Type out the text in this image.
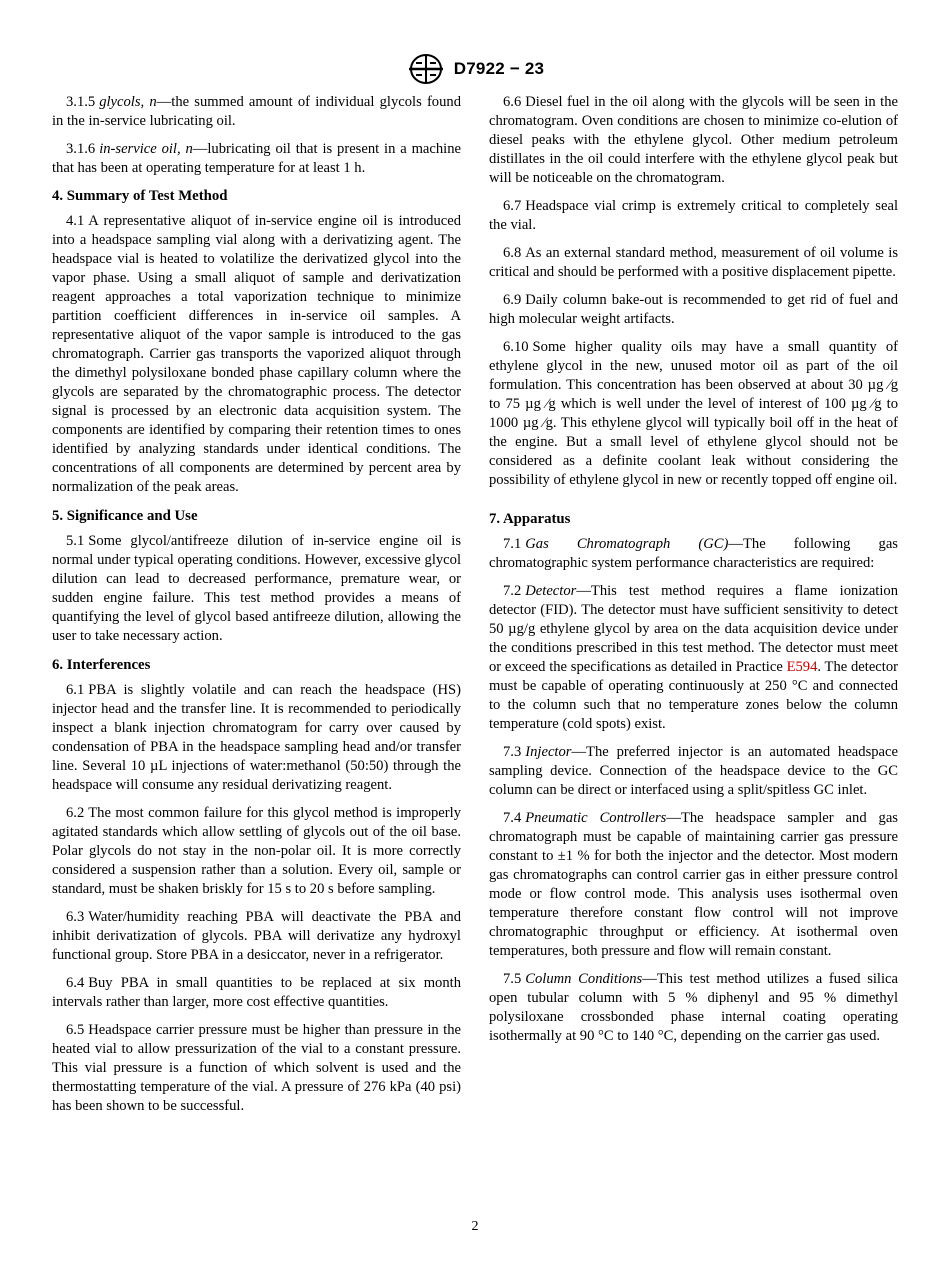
D7922 − 23

3.1.5 glycols, n—the summed amount of individual glycols found in the in-service lubricating oil.

3.1.6 in-service oil, n—lubricating oil that is present in a machine that has been at operating temperature for at least 1 h.

4. Summary of Test Method

4.1 A representative aliquot of in-service engine oil is introduced into a headspace sampling vial along with a derivatizing agent. The headspace vial is heated to volatilize the derivatized glycol into the vapor phase. Using a small aliquot of sample and derivatization reagent approaches a total vaporization technique to minimize partition coefficient differences in in-service oil samples. A representative aliquot of the vapor sample is introduced to the gas chromatograph. Carrier gas transports the vaporized aliquot through the dimethyl polysiloxane bonded phase capillary column where the glycols are separated by the chromatographic process. The detector signal is processed by an electronic data acquisition system. The components are identified by comparing their retention times to ones identified by analyzing standards under identical conditions. The concentrations of all components are determined by percent area by normalization of the peak areas.

5. Significance and Use

5.1 Some glycol/antifreeze dilution of in-service engine oil is normal under typical operating conditions. However, excessive glycol dilution can lead to decreased performance, premature wear, or sudden engine failure. This test method provides a means of quantifying the level of glycol based antifreeze dilution, allowing the user to take necessary action.

6. Interferences

6.1 PBA is slightly volatile and can reach the headspace (HS) injector head and the transfer line. It is recommended to periodically inspect a blank injection chromatogram for carry over caused by condensation of PBA in the headspace sampling head and/or transfer line. Several 10 µL injections of water:methanol (50:50) through the headspace will consume any residual derivatizing reagent.

6.2 The most common failure for this glycol method is improperly agitated standards which allow settling of glycols out of the oil base. Polar glycols do not stay in the non-polar oil. It is more correctly considered a suspension rather than a solution. Every oil, sample or standard, must be shaken briskly for 15 s to 20 s before sampling.

6.3 Water/humidity reaching PBA will deactivate the PBA and inhibit derivatization of glycols. PBA will derivatize any hydroxyl functional group. Store PBA in a desiccator, never in a refrigerator.

6.4 Buy PBA in small quantities to be replaced at six month intervals rather than larger, more cost effective quantities.

6.5 Headspace carrier pressure must be higher than pressure in the heated vial to allow pressurization of the vial to a constant pressure. This vial pressure is a function of which solvent is used and the thermostatting temperature of the vial. A pressure of 276 kPa (40 psi) has been shown to be successful.

6.6 Diesel fuel in the oil along with the glycols will be seen in the chromatogram. Oven conditions are chosen to minimize co-elution of diesel peaks with the ethylene glycol. Other medium petroleum distillates in the oil could interfere with the ethylene glycol peak but will be noticeable on the chromatogram.

6.7 Headspace vial crimp is extremely critical to completely seal the vial.

6.8 As an external standard method, measurement of oil volume is critical and should be performed with a positive displacement pipette.

6.9 Daily column bake-out is recommended to get rid of fuel and high molecular weight artifacts.

6.10 Some higher quality oils may have a small quantity of ethylene glycol in the new, unused motor oil as part of the oil formulation. This concentration has been observed at about 30 µg ⁄g to 75 µg ⁄g which is well under the level of interest of 100 µg ⁄g to 1000 µg ⁄g. This ethylene glycol will typically boil off in the heat of the engine. But a small level of ethylene glycol should not be considered as a definite coolant leak without considering the possibility of ethylene glycol in new or recently topped off engine oil.

7. Apparatus

7.1 Gas Chromatograph (GC)—The following gas chromatographic system performance characteristics are required:

7.2 Detector—This test method requires a flame ionization detector (FID). The detector must have sufficient sensitivity to detect 50 µg/g ethylene glycol by area on the data acquisition device under the conditions prescribed in this test method. The detector must meet or exceed the specifications as detailed in Practice E594. The detector must be capable of operating continuously at 250 °C and connected to the column such that no temperature zones below the column temperature (cold spots) exist.

7.3 Injector—The preferred injector is an automated headspace sampling device. Connection of the headspace device to the GC column can be direct or interfaced using a split/spitless GC inlet.

7.4 Pneumatic Controllers—The headspace sampler and gas chromatograph must be capable of maintaining carrier gas pressure constant to ±1 % for both the injector and the detector. Most modern gas chromatographs can control carrier gas in either pressure control mode or flow control mode. This analysis uses isothermal oven temperature therefore constant flow control will not improve chromatographic throughput or efficiency. At isothermal oven temperatures, both pressure and flow will remain constant.

7.5 Column Conditions—This test method utilizes a fused silica open tubular column with 5 % diphenyl and 95 % dimethyl polysiloxane crossbonded phase internal coating operating isothermally at 90 °C to 140 °C, depending on the carrier gas used.

2
